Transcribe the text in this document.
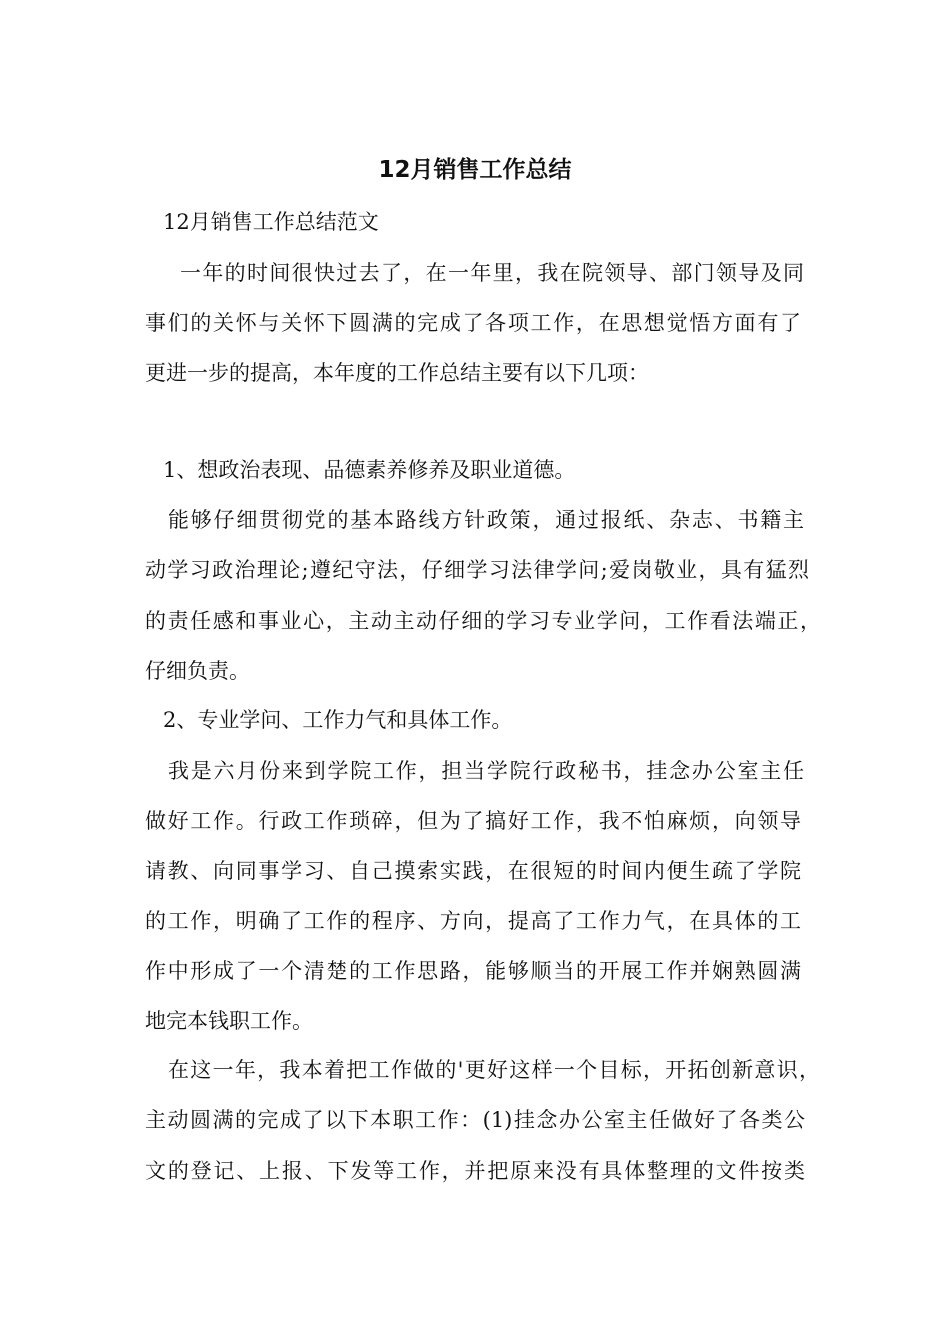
12月销售工作总结

12月销售工作总结范文

一年的时间很快过去了，在一年里，我在院领导、部门领导及同

事们的关怀与关怀下圆满的完成了各项工作，在思想觉悟方面有了

更进一步的提高，本年度的工作总结主要有以下几项：

1、想政治表现、品德素养修养及职业道德。

能够仔细贯彻党的基本路线方针政策，通过报纸、杂志、书籍主

动学习政治理论;遵纪守法，仔细学习法律学问;爱岗敬业，具有猛烈

的责任感和事业心，主动主动仔细的学习专业学问，工作看法端正，

仔细负责。

2、专业学问、工作力气和具体工作。

我是六月份来到学院工作，担当学院行政秘书，挂念办公室主任

做好工作。行政工作琐碎，但为了搞好工作，我不怕麻烦，向领导

请教、向同事学习、自己摸索实践，在很短的时间内便生疏了学院

的工作，明确了工作的程序、方向，提高了工作力气，在具体的工

作中形成了一个清楚的工作思路，能够顺当的开展工作并娴熟圆满

地完本钱职工作。

在这一年，我本着把工作做的'更好这样一个目标，开拓创新意识，

主动圆满的完成了以下本职工作：(1)挂念办公室主任做好了各类公

文的登记、上报、下发等工作，并把原来没有具体整理的文件按类
